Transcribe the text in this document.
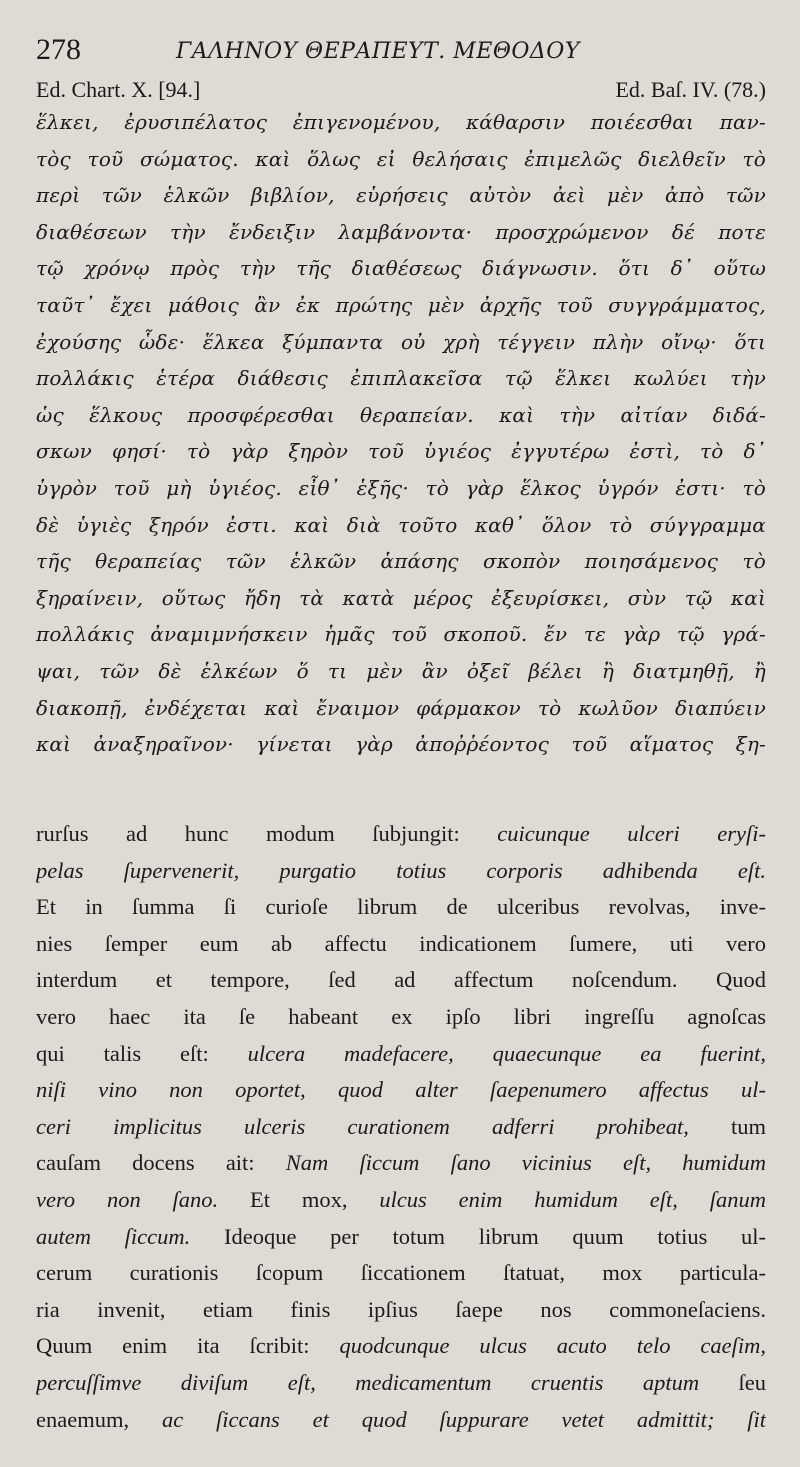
278	ΓΑΛΗΝΟΥ ΘΕΡΑΠΕΥΤ. ΜΕΘΟΔΟΥ
Ed. Chart. X. [94.]	Ed. Baſ. IV. (78.)
ἕλκει, ἐρυσιπέλατος ἐπιγενομένου, κάθαρσιν ποιέεσθαι παν-
τὸς τοῦ σώματος. καὶ ὅλως εἰ θελήσαις ἐπιμελῶς διελθεῖν τὸ
περὶ τῶν ἑλκῶν βιβλίον, εὑρήσεις αὐτὸν ἀεὶ μὲν ἀπὸ τῶν
διαθέσεων τὴν ἔνδειξιν λαμβάνοντα· προσχρώμενον δέ ποτε
τῷ χρόνῳ πρὸς τὴν τῆς διαθέσεως διάγνωσιν. ὅτι δ᾽ οὕτω
ταῦτ᾽ ἔχει μάθοις ἂν ἐκ πρώτης μὲν ἀρχῆς τοῦ συγγράμματος,
ἐχούσης ὧδε· ἕλκεα ξύμπαντα οὐ χρὴ τέγγειν πλὴν οἴνῳ· ὅτι
πολλάκις ἑτέρα διάθεσις ἐπιπλακεῖσα τῷ ἕλκει κωλύει τὴν
ὡς ἕλκους προσφέρεσθαι θεραπείαν. καὶ τὴν αἰτίαν διδά-
σκων φησί· τὸ γὰρ ξηρὸν τοῦ ὑγιέος ἐγγυτέρω ἐστὶ, τὸ δ᾽
ὑγρὸν τοῦ μὴ ὑγιέος. εἶθ᾽ ἑξῆς· τὸ γὰρ ἕλκος ὑγρόν ἐστι· τὸ
δὲ ὑγιὲς ξηρόν ἐστι. καὶ διὰ τοῦτο καθ᾽ ὅλον τὸ σύγγραμμα
τῆς θεραπείας τῶν ἑλκῶν ἁπάσης σκοπὸν ποιησάμενος τὸ
ξηραίνειν, οὕτως ἤδη τὰ κατὰ μέρος ἐξευρίσκει, σὺν τῷ καὶ
πολλάκις ἀναμιμνήσκειν ἡμᾶς τοῦ σκοποῦ. ἔν τε γὰρ τῷ γρά-
ψαι, τῶν δὲ ἑλκέων ὅ τι μὲν ἂν ὀξεῖ βέλει ἢ διατμηθῇ, ἢ
διακοπῇ, ἐνδέχεται καὶ ἔναιμον φάρμακον τὸ κωλῦον διαπύειν
καὶ ἀναξηραῖνον· γίνεται γὰρ ἀποῤῥέοντος τοῦ αἵματος ξη-
rurſus ad hunc modum ſubjungit: cuicunque ulceri eryſi-
pelas ſupervenerit, purgatio totius corporis adhibenda eſt.
Et in ſumma ſi curioſe librum de ulceribus revolvas, inve-
nies ſemper eum ab affectu indicationem ſumere, uti vero
interdum et tempore, ſed ad affectum noſcendum. Quod
vero haec ita ſe habeant ex ipſo libri ingreſſu agnoſcas
qui talis eſt: ulcera madefacere, quaecunque ea fuerint,
niſi vino non oportet, quod alter ſaepenumero affectus ul-
ceri implicitus ulceris curationem adferri prohibeat, tum
cauſam docens ait: Nam ſiccum ſano vicinius eſt, humidum
vero non ſano. Et mox, ulcus enim humidum eſt, ſanum
autem ſiccum. Ideoque per totum librum quum totius ul-
cerum curationis ſcopum ſiccationem ſtatuat, mox particula-
ria invenit, etiam finis ipſius ſaepe nos commoneſaciens.
Quum enim ita ſcribit: quodcunque ulcus acuto telo caeſim,
percuſſimve diviſum eſt, medicamentum cruentis aptum ſeu
enaemum, ac ſiccans et quod ſuppurare vetet admittit; ſit
